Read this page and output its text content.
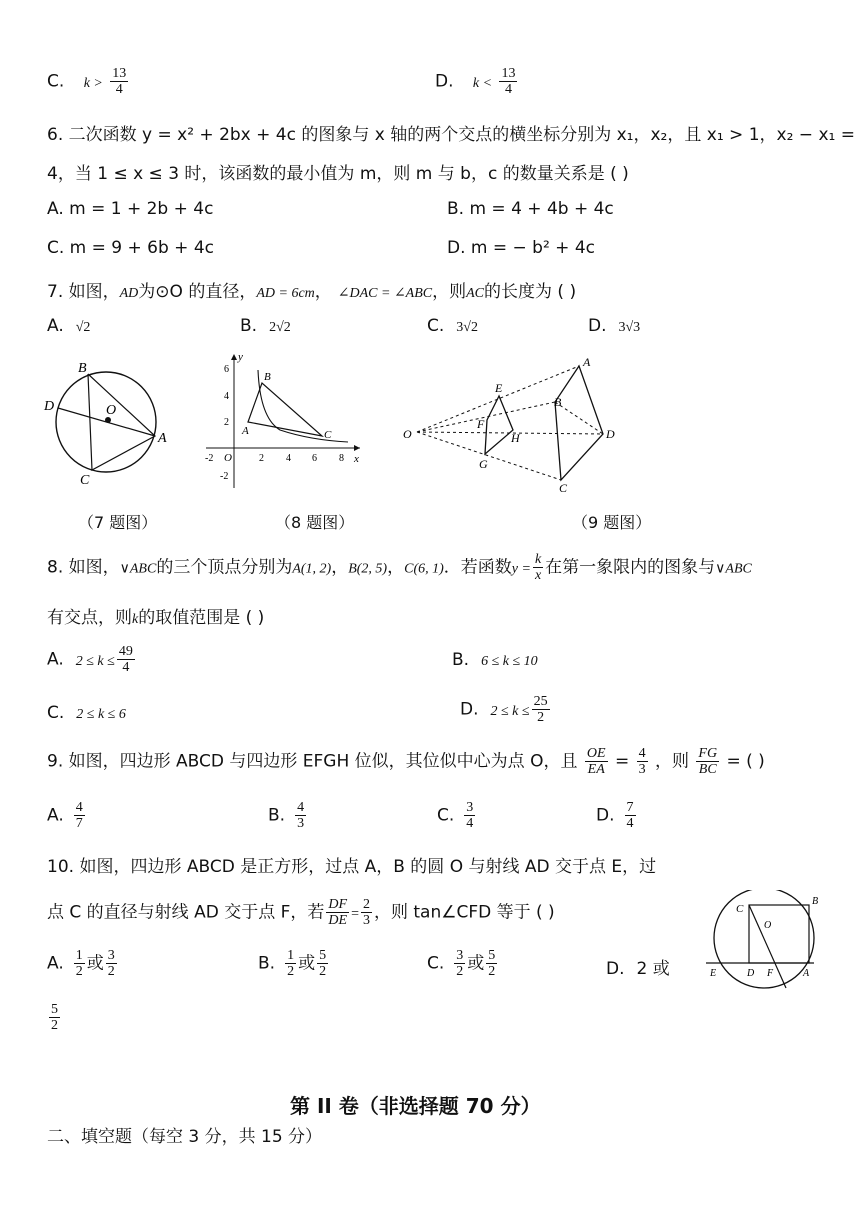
C. $k > \frac{13}{4}$	D. $k < \frac{13}{4}$
6. 二次函数 y = x² + 2bx + 4c 的图象与 x 轴的两个交点的横坐标分别为 x₁，x₂，且 x₁ > 1，x₂ − x₁ =
4，当 1 ≤ x ≤ 3 时，该函数的最小值为 m，则 m 与 b，c 的数量关系是 ( )
A. m = 1 + 2b + 4c	B. m = 4 + 4b + 4c
C. m = 9 + 6b + 4c	D. m = − b² + 4c
7. 如图，AD为⊙O 的直径，AD = 6cm， ∠DAC = ∠ABC，则AC的长度为 ( )
A. √2	B. 2√2	C. 3√2	D. 3√3
B
D	O
A
C
y
x
O
6
4
2
-2
-2	2 4 6 8
B
A	C
A
B
D
C
E
F
H
G
O
（7 题图）	（8 题图）	（9 题图）
8. 如图，∨ABC的三个顶点分别为A(1, 2)，B(2, 5)，C(6, 1)．若函数$y = \frac{k}{x}$ 在第一象限内的图象与∨ABC
有交点，则k的取值范围是 ( )
A. $2 \le k \le \frac{49}{4}$	B. 6 ≤ k ≤ 10
C. 2 ≤ k ≤ 6	D. $2 \le k \le \frac{25}{2}$
9. 如图，四边形 ABCD 与四边形 EFGH 位似，其位似中心为点 O，且 $\frac{OE}{EA} = \frac{4}{3}$ ，则 $\frac{FG}{BC}$ = ( )
A. $\frac{4}{7}$	B. $\frac{4}{3}$	C. $\frac{3}{4}$	D. $\frac{7}{4}$
10. 如图，四边形 ABCD 是正方形，过点 A，B 的圆 O 与射线 AD 交于点 E，过
点 C 的直径与射线 AD 交于点 F，若 $\frac{DF}{DE} = \frac{2}{3}$ ，则 tan∠CFD 等于 ( )
A. $\frac{1}{2}$ 或 $\frac{3}{2}$	B. $\frac{1}{2}$ 或 $\frac{5}{2}$	C. $\frac{3}{2}$ 或 $\frac{5}{2}$	D. 2 或
$\frac{5}{2}$
C
B
O
E	D F	A
第 II 卷（非选择题 70 分）
二、填空题（每空 3 分，共 15 分）
